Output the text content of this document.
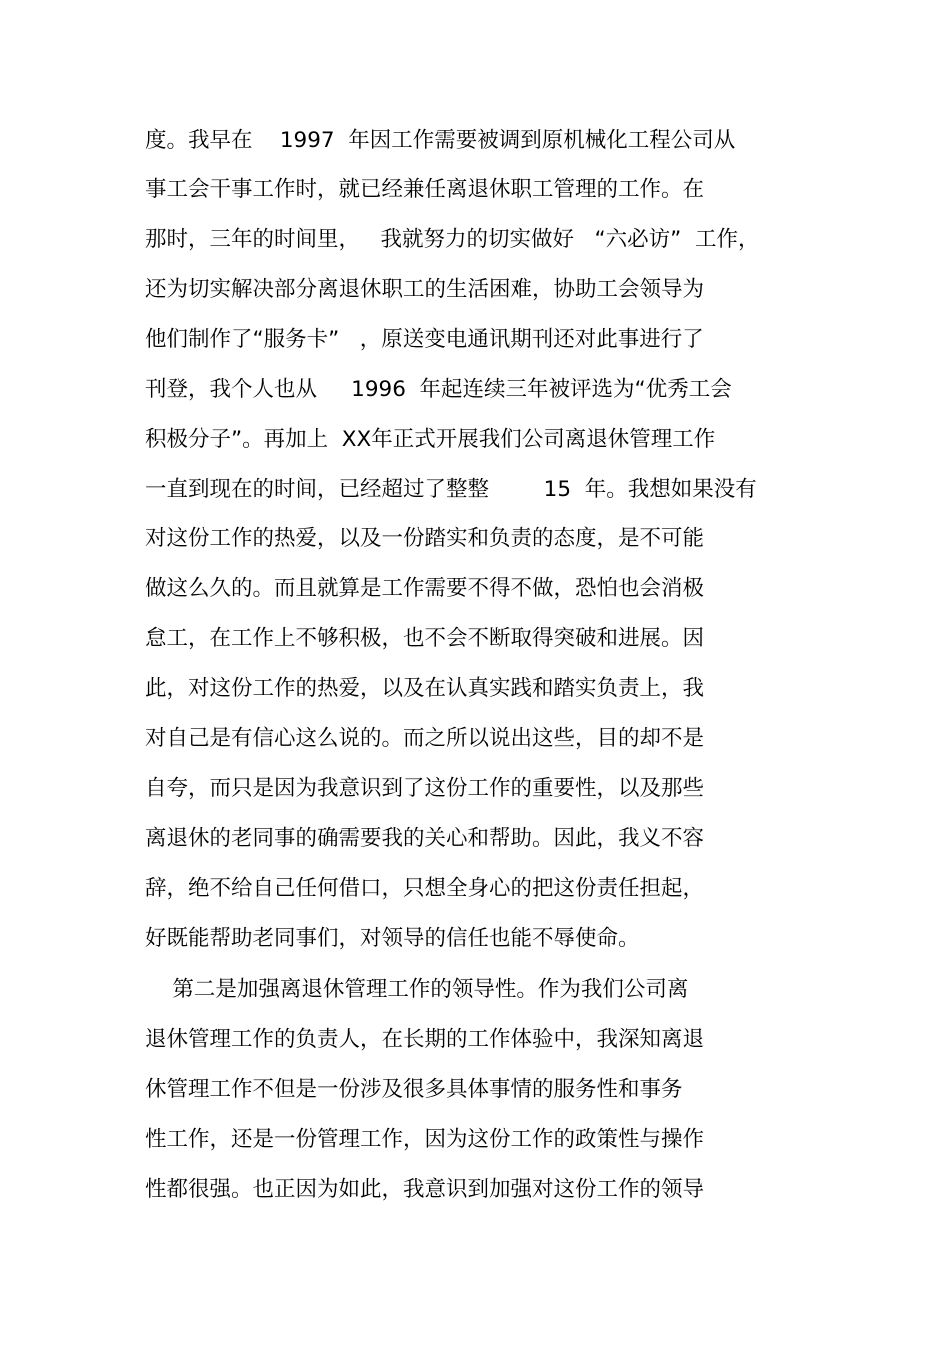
度。我早在    1997  年因工作需要被调到原机械化工程公司从
事工会干事工作时，就已经兼任离退休职工管理的工作。在
那时，三年的时间里，   我就努力的切实做好   “六必访”  工作，
还为切实解决部分离退休职工的生活困难，协助工会领导为
他们制作了“服务卡”   ，原送变电通讯期刊还对此事进行了
刊登，我个人也从     1996  年起连续三年被评选为“优秀工会
积极分子”。再加上  XX年正式开展我们公司离退休管理工作
一直到现在的时间，已经超过了整整        15  年。我想如果没有
对这份工作的热爱，以及一份踏实和负责的态度，是不可能
做这么久的。而且就算是工作需要不得不做，恐怕也会消极
怠工，在工作上不够积极，也不会不断取得突破和进展。因
此，对这份工作的热爱，以及在认真实践和踏实负责上，我
对自己是有信心这么说的。而之所以说出这些，目的却不是
自夸，而只是因为我意识到了这份工作的重要性，以及那些
离退休的老同事的确需要我的关心和帮助。因此，我义不容
辞，绝不给自己任何借口，只想全身心的把这份责任担起，
好既能帮助老同事们，对领导的信任也能不辱使命。
第二是加强离退休管理工作的领导性。作为我们公司离
退休管理工作的负责人，在长期的工作体验中，我深知离退
休管理工作不但是一份涉及很多具体事情的服务性和事务
性工作，还是一份管理工作，因为这份工作的政策性与操作
性都很强。也正因为如此，我意识到加强对这份工作的领导
